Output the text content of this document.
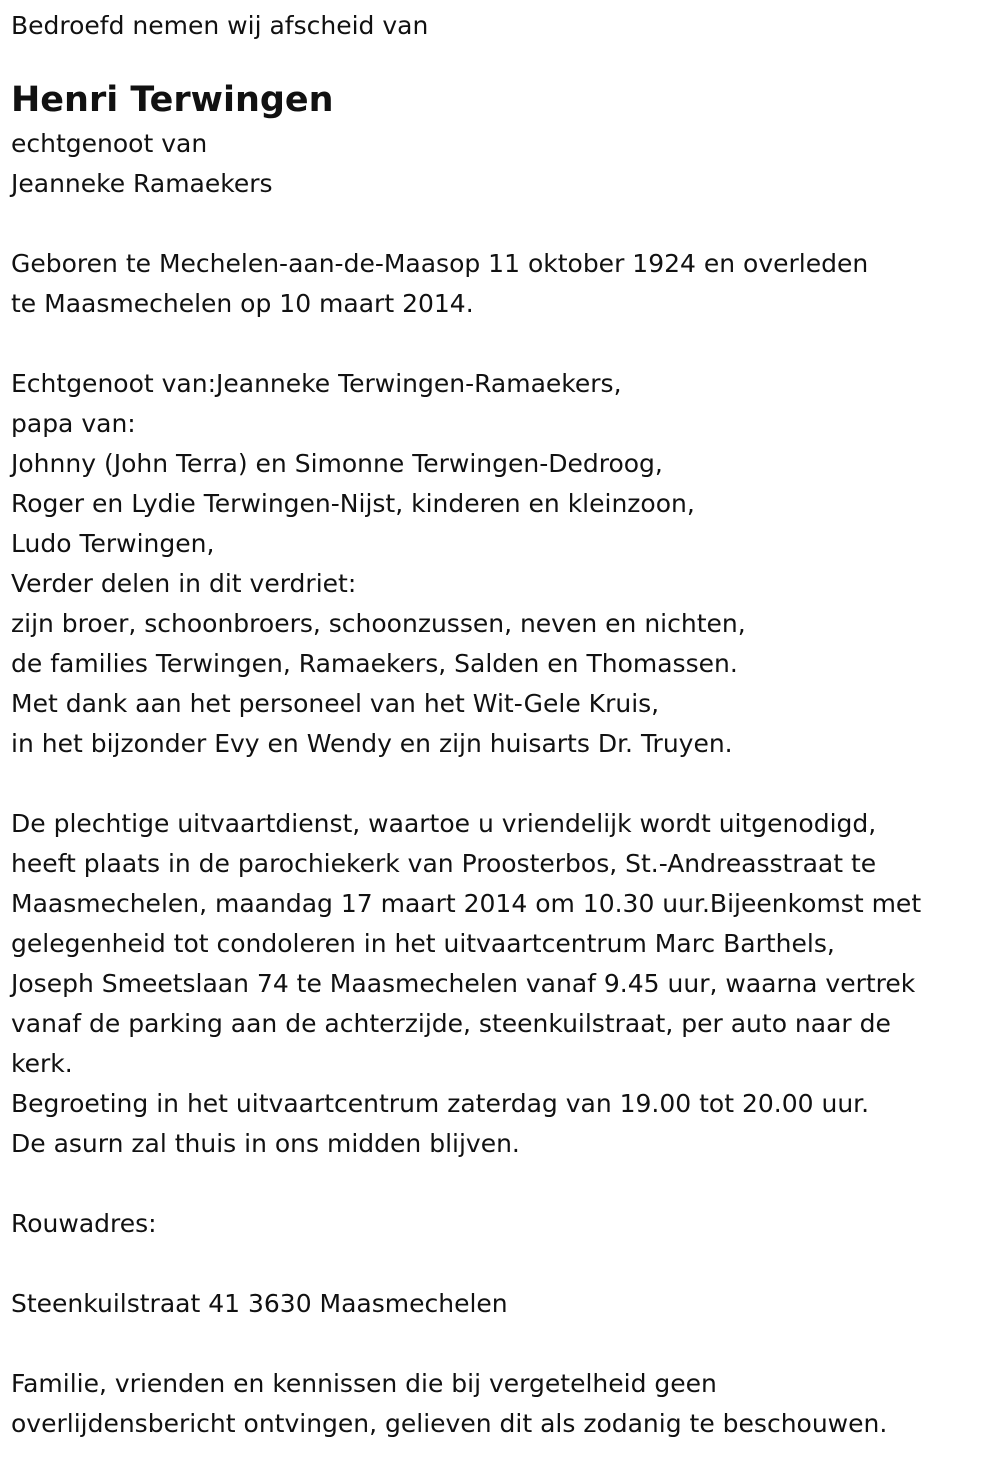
Bedroefd nemen wij afscheid van
Henri Terwingen
echtgenoot van
Jeanneke Ramaekers
Geboren te Mechelen-aan-de-Maasop 11 oktober 1924 en overleden
te Maasmechelen op 10 maart 2014.
Echtgenoot van:Jeanneke Terwingen-Ramaekers,
papa van:
Johnny (John Terra) en Simonne Terwingen-Dedroog,
Roger en Lydie Terwingen-Nijst, kinderen en kleinzoon,
Ludo Terwingen,
Verder delen in dit verdriet:
zijn broer, schoonbroers, schoonzussen, neven en nichten,
de families Terwingen, Ramaekers, Salden en Thomassen.
Met dank aan het personeel van het Wit-Gele Kruis,
in het bijzonder Evy en Wendy en zijn huisarts Dr. Truyen.
De plechtige uitvaartdienst, waartoe u vriendelijk wordt uitgenodigd,
heeft plaats in de parochiekerk van Proosterbos, St.-Andreasstraat te
Maasmechelen, maandag 17 maart 2014 om 10.30 uur.Bijeenkomst met
gelegenheid tot condoleren in het uitvaartcentrum Marc Barthels,
Joseph Smeetslaan 74 te Maasmechelen vanaf 9.45 uur, waarna vertrek
vanaf de parking aan de achterzijde, steenkuilstraat, per auto naar de
kerk.
Begroeting in het uitvaartcentrum zaterdag van 19.00 tot 20.00 uur.
De asurn zal thuis in ons midden blijven.
Rouwadres:
Steenkuilstraat 41 3630 Maasmechelen
Familie, vrienden en kennissen die bij vergetelheid geen
overlijdensbericht ontvingen, gelieven dit als zodanig te beschouwen.
